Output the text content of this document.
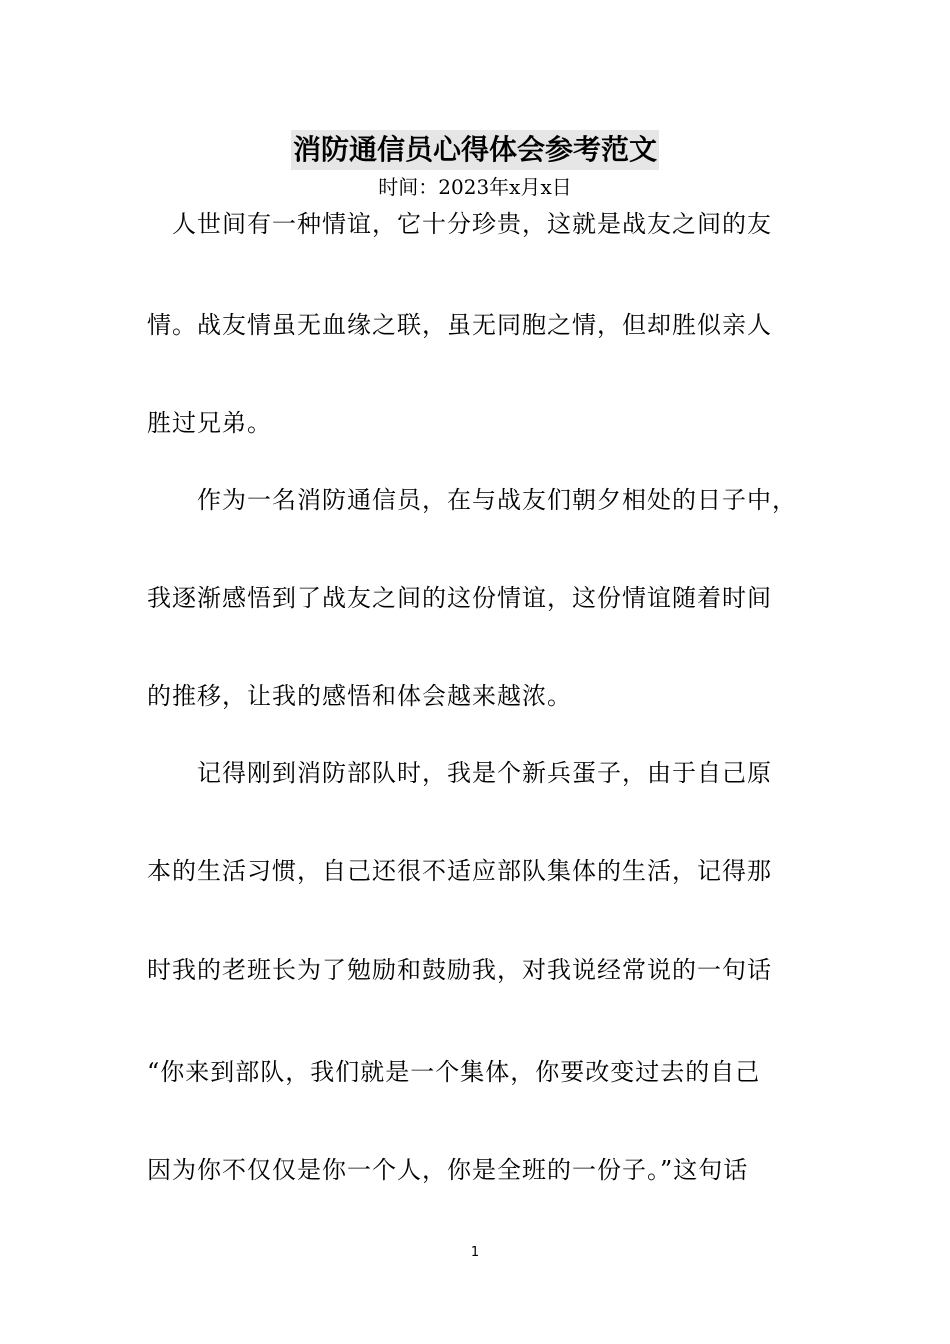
消防通信员心得体会参考范文
时间：2023年x月x日
　人世间有一种情谊，它十分珍贵，这就是战友之间的友
情。战友情虽无血缘之联，虽无同胞之情，但却胜似亲人
胜过兄弟。
　　作为一名消防通信员，在与战友们朝夕相处的日子中，
我逐渐感悟到了战友之间的这份情谊，这份情谊随着时间
的推移，让我的感悟和体会越来越浓。
　　记得刚到消防部队时，我是个新兵蛋子，由于自己原
本的生活习惯，自己还很不适应部队集体的生活，记得那
时我的老班长为了勉励和鼓励我，对我说经常说的一句话
“你来到部队，我们就是一个集体，你要改变过去的自己
因为你不仅仅是你一个人，你是全班的一份子。”这句话
1
